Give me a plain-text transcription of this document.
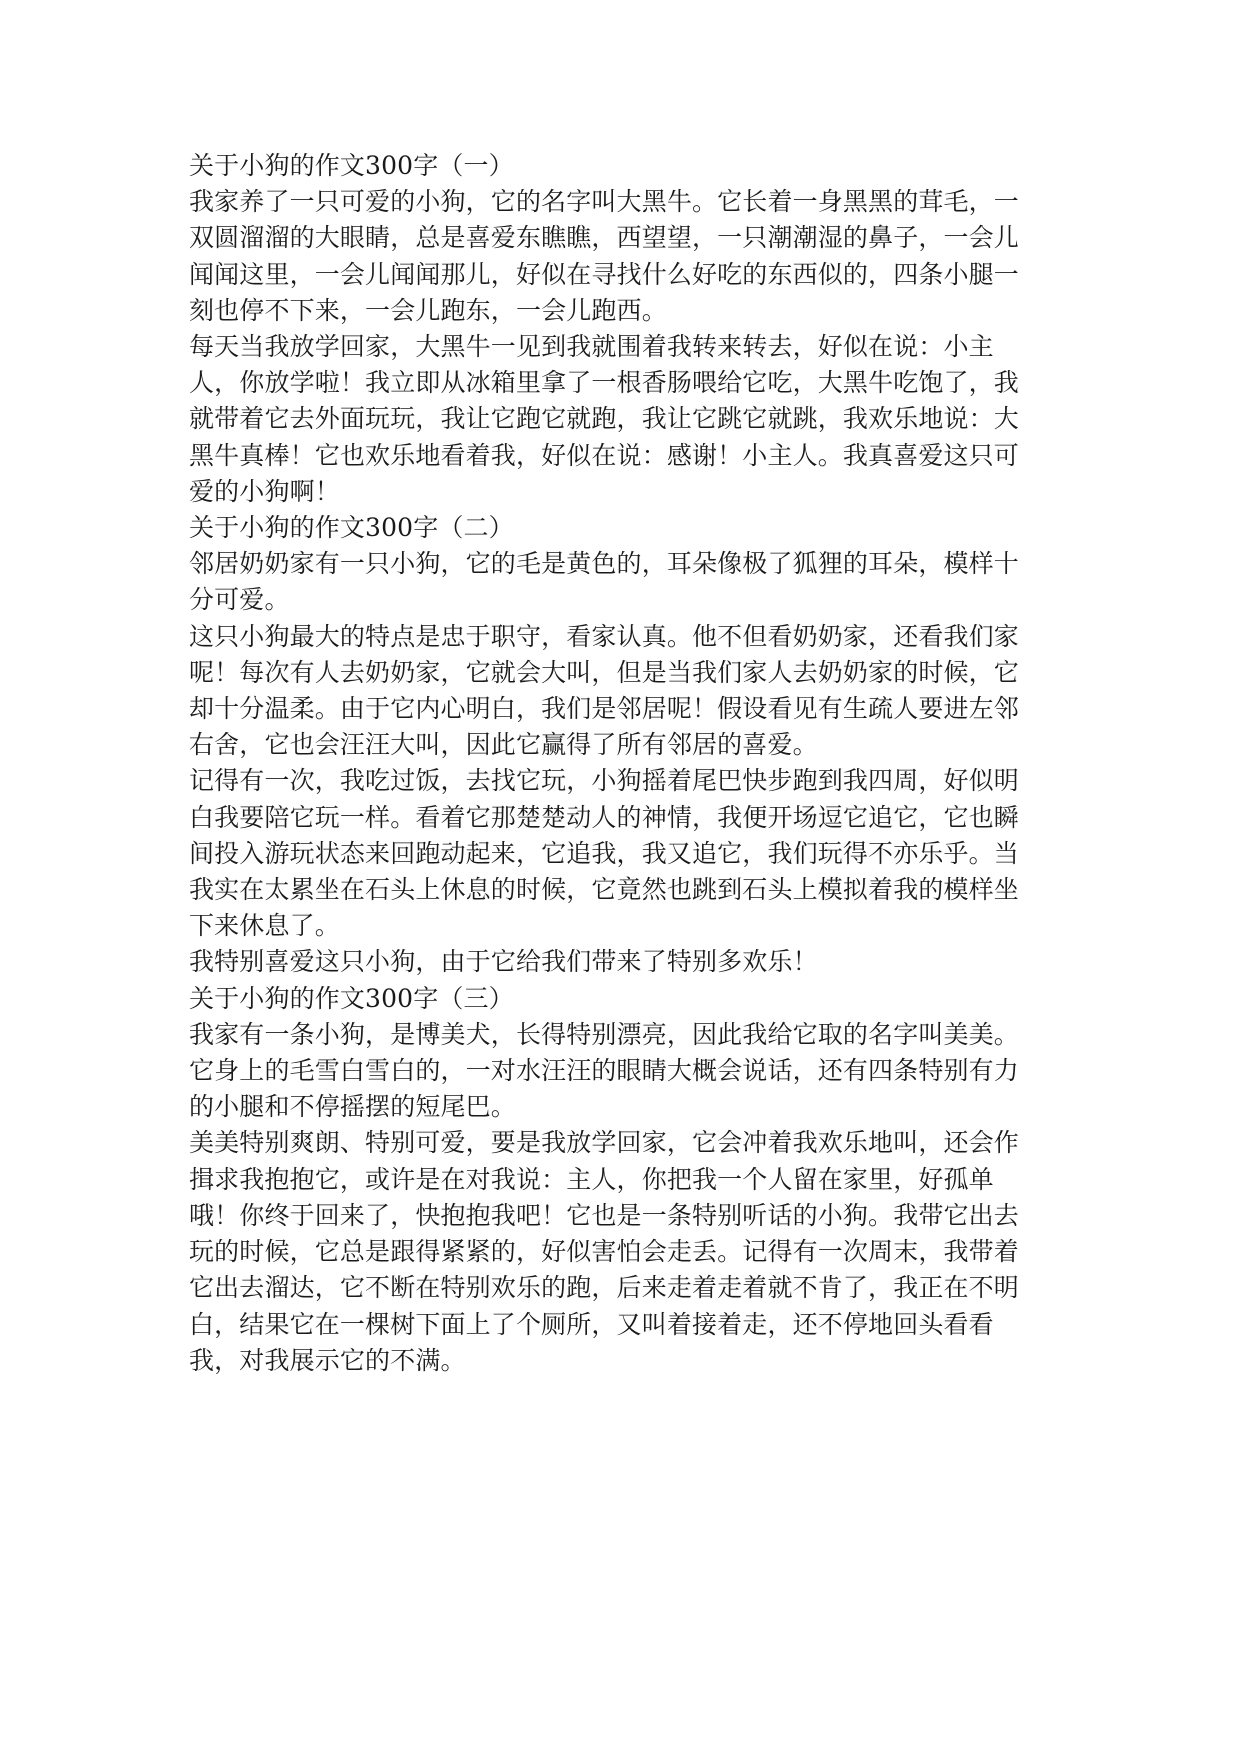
关于小狗的作文300字（一）

我家养了一只可爱的小狗，它的名字叫大黑牛。它长着一身黑黑的茸毛，一双圆溜溜的大眼睛，总是喜爱东瞧瞧，西望望，一只潮潮湿的鼻子，一会儿闻闻这里，一会儿闻闻那儿，好似在寻找什么好吃的东西似的，四条小腿一刻也停不下来，一会儿跑东，一会儿跑西。

每天当我放学回家，大黑牛一见到我就围着我转来转去，好似在说：小主人，你放学啦！我立即从冰箱里拿了一根香肠喂给它吃，大黑牛吃饱了，我就带着它去外面玩玩，我让它跑它就跑，我让它跳它就跳，我欢乐地说：大黑牛真棒！它也欢乐地看着我，好似在说：感谢！小主人。我真喜爱这只可爱的小狗啊！

关于小狗的作文300字（二）

邻居奶奶家有一只小狗，它的毛是黄色的，耳朵像极了狐狸的耳朵，模样十分可爱。

这只小狗最大的特点是忠于职守，看家认真。他不但看奶奶家，还看我们家呢！每次有人去奶奶家，它就会大叫，但是当我们家人去奶奶家的时候，它却十分温柔。由于它内心明白，我们是邻居呢！假设看见有生疏人要进左邻右舍，它也会汪汪大叫，因此它赢得了所有邻居的喜爱。

记得有一次，我吃过饭，去找它玩，小狗摇着尾巴快步跑到我四周，好似明白我要陪它玩一样。看着它那楚楚动人的神情，我便开场逗它追它，它也瞬间投入游玩状态来回跑动起来，它追我，我又追它，我们玩得不亦乐乎。当我实在太累坐在石头上休息的时候，它竟然也跳到石头上模拟着我的模样坐下来休息了。

我特别喜爱这只小狗，由于它给我们带来了特别多欢乐！

关于小狗的作文300字（三）

我家有一条小狗，是博美犬，长得特别漂亮，因此我给它取的名字叫美美。它身上的毛雪白雪白的，一对水汪汪的眼睛大概会说话，还有四条特别有力的小腿和不停摇摆的短尾巴。

美美特别爽朗、特别可爱，要是我放学回家，它会冲着我欢乐地叫，还会作揖求我抱抱它，或许是在对我说：主人，你把我一个人留在家里，好孤单哦！你终于回来了，快抱抱我吧！它也是一条特别听话的小狗。我带它出去玩的时候，它总是跟得紧紧的，好似害怕会走丢。记得有一次周末，我带着它出去溜达，它不断在特别欢乐的跑，后来走着走着就不肯了，我正在不明白，结果它在一棵树下面上了个厕所，又叫着接着走，还不停地回头看看我，对我展示它的不满。
